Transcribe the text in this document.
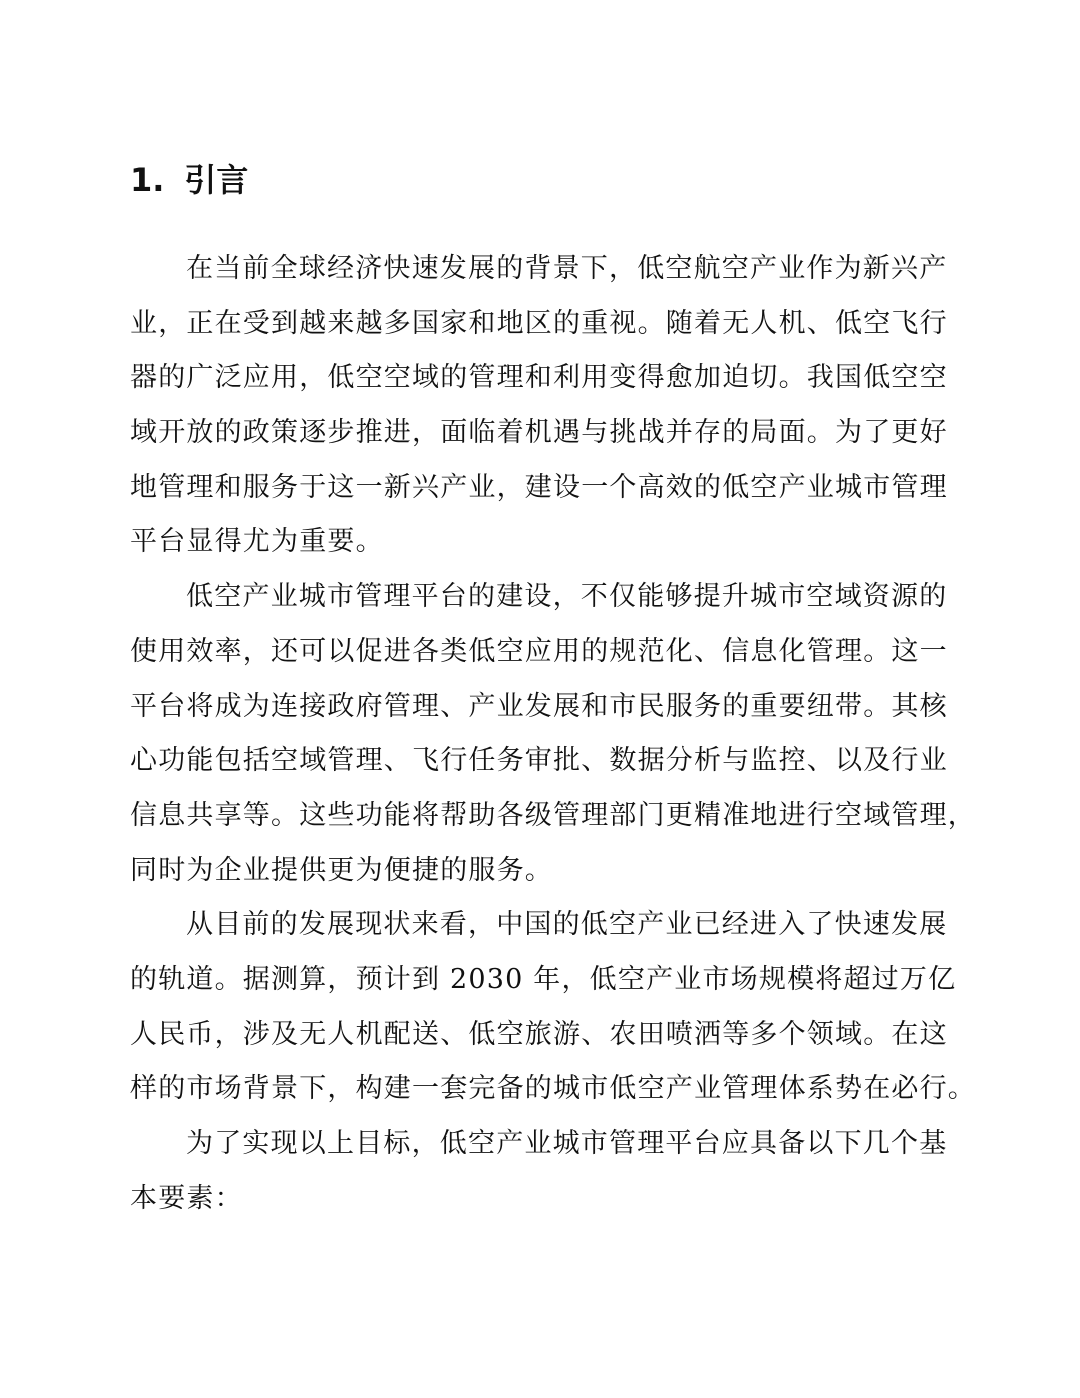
1. 引言

在当前全球经济快速发展的背景下，低空航空产业作为新兴产
业，正在受到越来越多国家和地区的重视。随着无人机、低空飞行
器的广泛应用，低空空域的管理和利用变得愈加迫切。我国低空空
域开放的政策逐步推进，面临着机遇与挑战并存的局面。为了更好
地管理和服务于这一新兴产业，建设一个高效的低空产业城市管理
平台显得尤为重要。

低空产业城市管理平台的建设，不仅能够提升城市空域资源的
使用效率，还可以促进各类低空应用的规范化、信息化管理。这一
平台将成为连接政府管理、产业发展和市民服务的重要纽带。其核
心功能包括空域管理、飞行任务审批、数据分析与监控、以及行业
信息共享等。这些功能将帮助各级管理部门更精准地进行空域管理，
同时为企业提供更为便捷的服务。

从目前的发展现状来看，中国的低空产业已经进入了快速发展
的轨道。据测算，预计到 2030 年，低空产业市场规模将超过万亿
人民币，涉及无人机配送、低空旅游、农田喷洒等多个领域。在这
样的市场背景下，构建一套完备的城市低空产业管理体系势在必行。

为了实现以上目标，低空产业城市管理平台应具备以下几个基
本要素：
